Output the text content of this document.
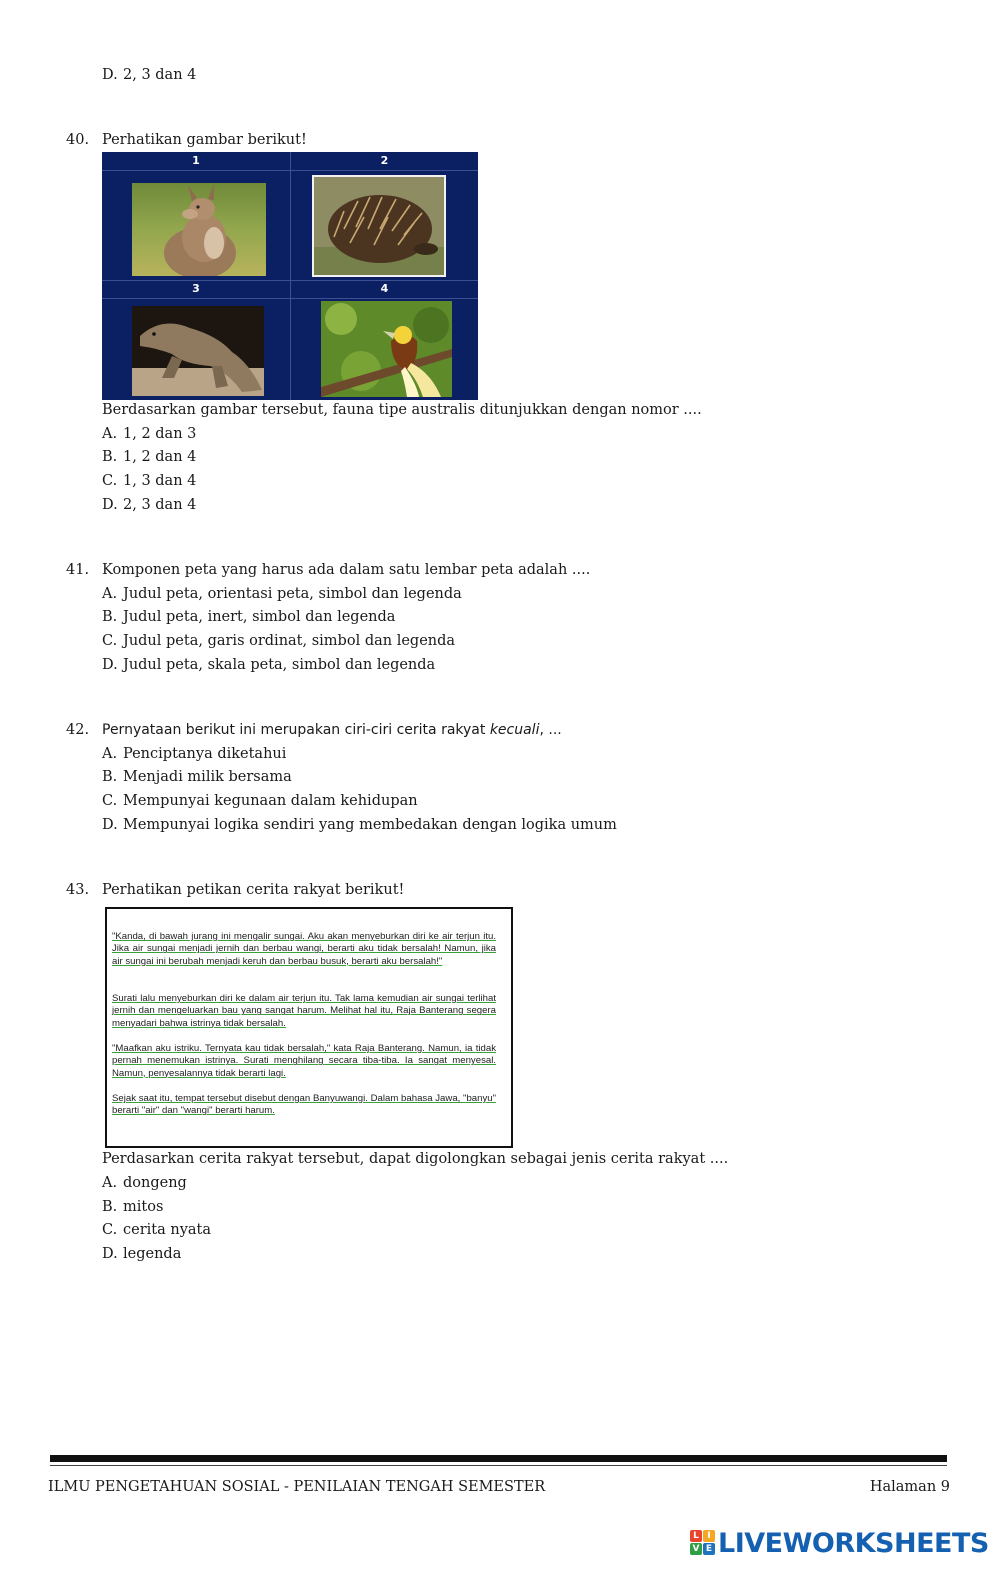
D. 2, 3 dan 4
40. Perhatikan gambar berikut!
1	2
3	4
Berdasarkan gambar tersebut, fauna tipe australis ditunjukkan dengan nomor ....
A. 1, 2 dan 3
B. 1, 2 dan 4
C. 1, 3 dan 4
D. 2, 3 dan 4
41. Komponen peta yang harus ada dalam satu lembar peta adalah ....
A. Judul peta, orientasi peta, simbol dan legenda
B. Judul peta, inert, simbol dan legenda
C. Judul peta, garis ordinat, simbol dan legenda
D. Judul peta, skala peta, simbol dan legenda
42. Pernyataan berikut ini merupakan ciri-ciri cerita rakyat kecuali, ...
A. Penciptanya diketahui
B. Menjadi milik bersama
C. Mempunyai kegunaan dalam kehidupan
D. Mempunyai logika sendiri yang membedakan dengan logika umum
43. Perhatikan petikan cerita rakyat berikut!

"Kanda, di bawah jurang ini mengalir sungai. Aku akan menyeburkan diri ke air terjun itu. Jika air sungai menjadi jernih dan berbau wangi, berarti aku tidak bersalah! Namun, jika air sungai ini berubah menjadi keruh dan berbau busuk, berarti aku bersalah!"

Surati lalu menyeburkan diri ke dalam air terjun itu. Tak lama kemudian air sungai terlihat jernih dan mengeluarkan bau yang sangat harum. Melihat hal itu, Raja Banterang segera menyadari bahwa istrinya tidak bersalah.

"Maafkan aku istriku. Ternyata kau tidak bersalah," kata Raja Banterang. Namun, ia tidak pernah menemukan istrinya. Surati menghilang secara tiba-tiba. Ia sangat menyesal. Namun, penyesalannya tidak berarti lagi.

Sejak saat itu, tempat tersebut disebut dengan Banyuwangi. Dalam bahasa Jawa, "banyu" berarti "air" dan "wangi" berarti harum.

Perdasarkan cerita rakyat tersebut, dapat digolongkan sebagai jenis cerita rakyat ....
A. dongeng
B. mitos
C. cerita nyata
D. legenda
ILMU PENGETAHUAN SOSIAL - PENILAIAN TENGAH SEMESTER	Halaman 9
L I
V E LIVEWORKSHEETS
